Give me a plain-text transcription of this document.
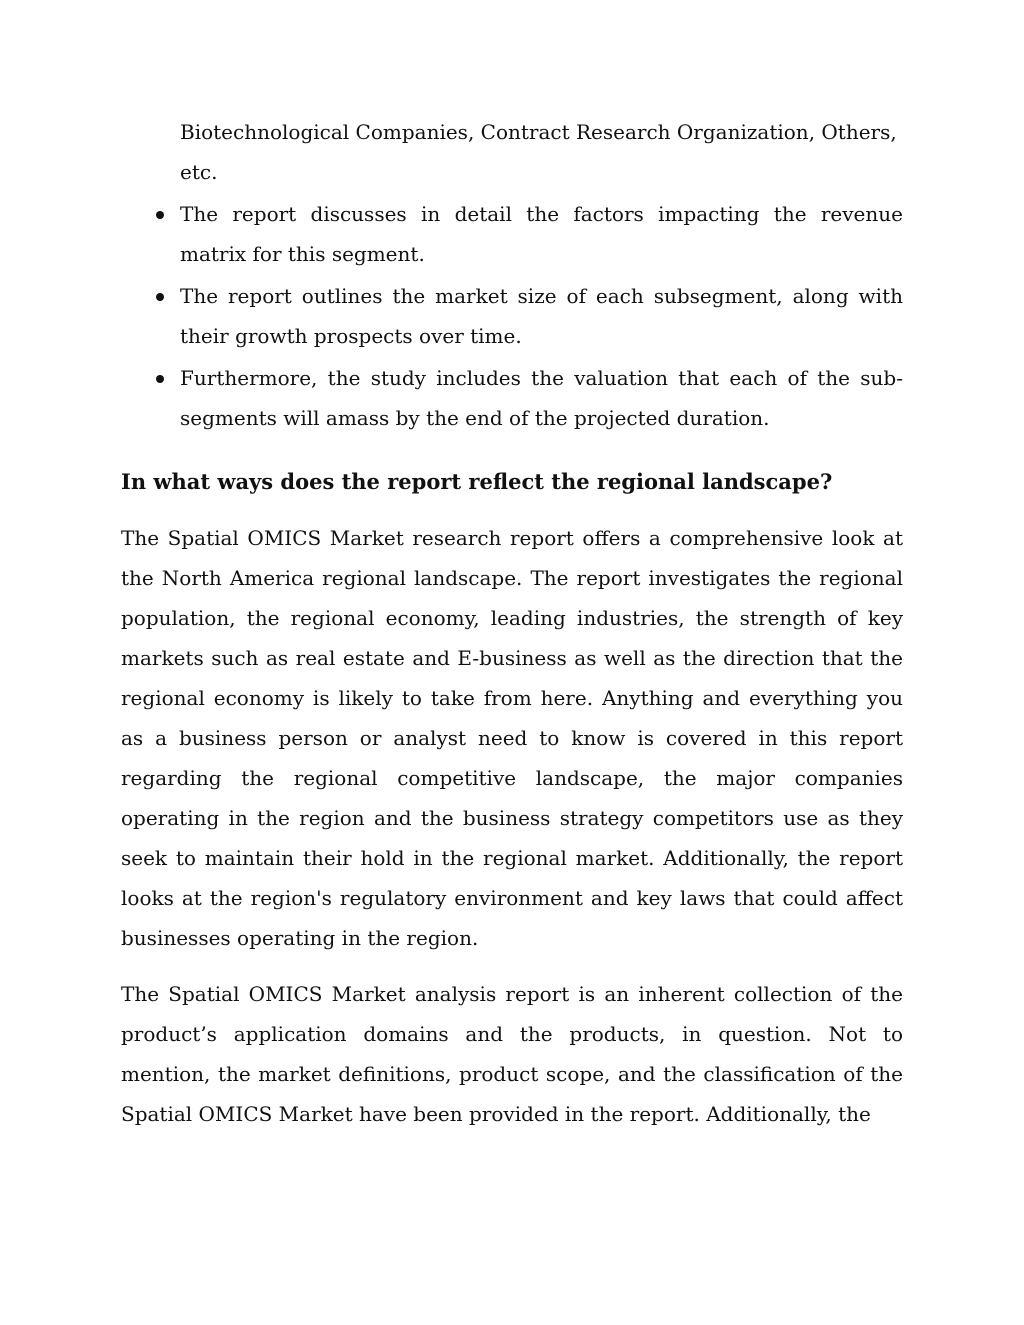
Biotechnological Companies, Contract Research Organization, Others, etc.
The report discusses in detail the factors impacting the revenue matrix for this segment.
The report outlines the market size of each subsegment, along with their growth prospects over time.
Furthermore, the study includes the valuation that each of the sub-segments will amass by the end of the projected duration.
In what ways does the report reflect the regional landscape?

The Spatial OMICS Market research report offers a comprehensive look at the North America regional landscape. The report investigates the regional population, the regional economy, leading industries, the strength of key markets such as real estate and E-business as well as the direction that the regional economy is likely to take from here. Anything and everything you as a business person or analyst need to know is covered in this report regarding the regional competitive landscape, the major companies operating in the region and the business strategy competitors use as they seek to maintain their hold in the regional market. Additionally, the report looks at the region's regulatory environment and key laws that could affect businesses operating in the region.

The Spatial OMICS Market analysis report is an inherent collection of the product’s application domains and the products, in question. Not to mention, the market definitions, product scope, and the classification of the Spatial OMICS Market have been provided in the report. Additionally, the
